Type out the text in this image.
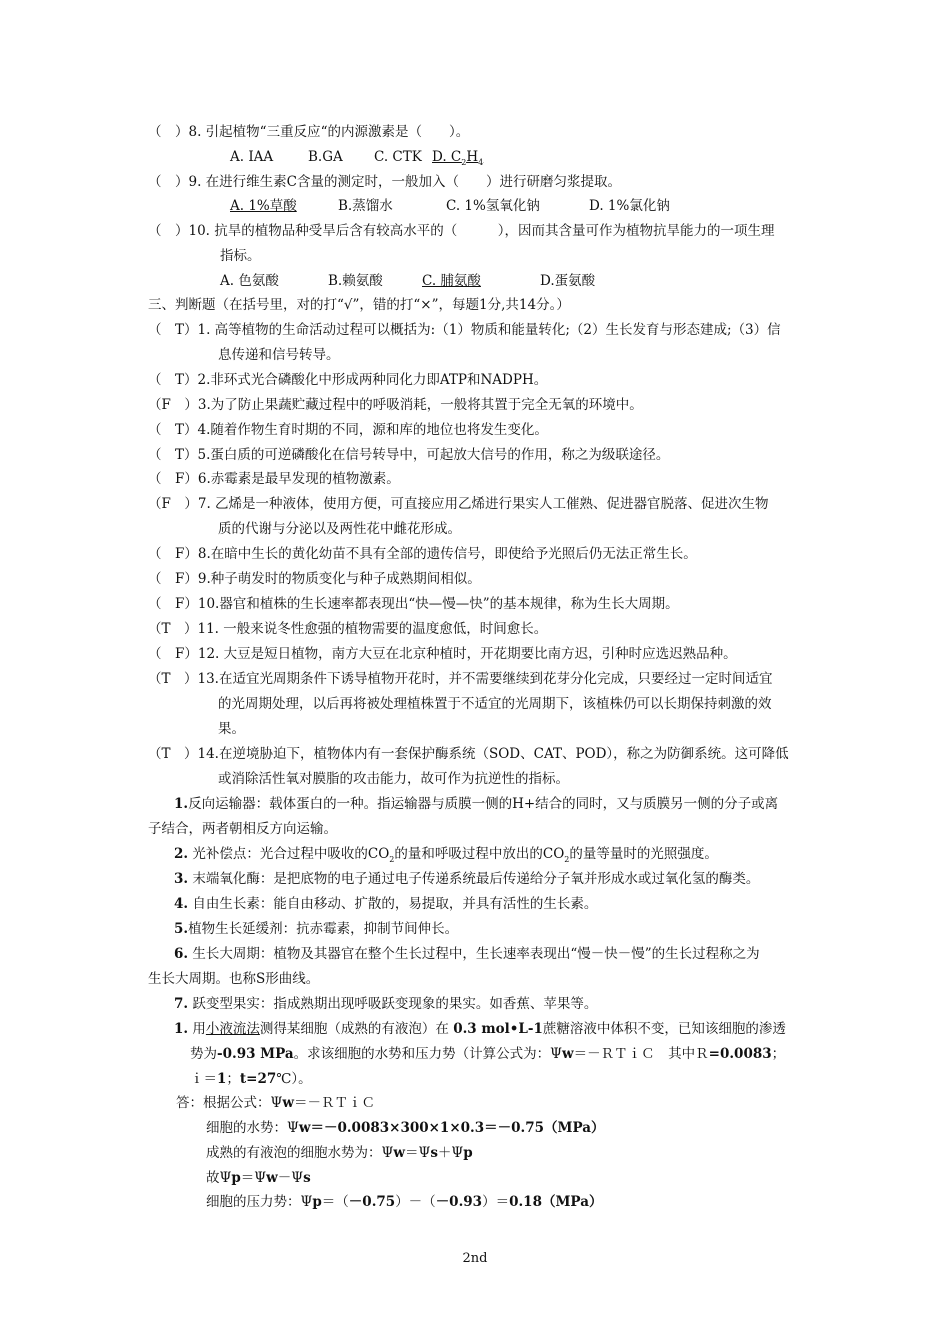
（　）8. 引起植物“三重反应“的内源激素是（　　）。
A. IAA	B.GA C. CTK D. $C_2H_4$
（　）9. 在进行维生素C含量的测定时，一般加入（　　）进行研磨匀浆提取。
A. 1%草酸	B.蒸馏水	C. 1%氢氧化钠	D. 1%氯化钠
（　）10. 抗旱的植物品种受旱后含有较高水平的（　　　），因而其含量可作为植物抗旱能力的一项生理
指标。
A. 色氨酸	B.赖氨酸	C. 脯氨酸	D.蛋氨酸
三、判断题（在括号里，对的打“√”，错的打“×”，每题1分,共14分。）
（　T）1. 高等植物的生命活动过程可以概括为:（1）物质和能量转化;（2）生长发育与形态建成;（3）信
息传递和信号转导。
（　T）2.非环式光合磷酸化中形成两种同化力即ATP和NADPH。
（F　）3.为了防止果蔬贮藏过程中的呼吸消耗，一般将其置于完全无氧的环境中。
（　T）4.随着作物生育时期的不同，源和库的地位也将发生变化。
（　T）5.蛋白质的可逆磷酸化在信号转导中，可起放大信号的作用，称之为级联途径。
（　F）6.赤霉素是最早发现的植物激素。
（F　）7. 乙烯是一种液体，使用方便，可直接应用乙烯进行果实人工催熟、促进器官脱落、促进次生物
质的代谢与分泌以及两性花中雌花形成。
（　F）8.在暗中生长的黄化幼苗不具有全部的遗传信号，即使给予光照后仍无法正常生长。
（　F）9.种子萌发时的物质变化与种子成熟期间相似。
（　F）10.器官和植株的生长速率都表现出“快—慢—快”的基本规律，称为生长大周期。
（T　）11. 一般来说冬性愈强的植物需要的温度愈低，时间愈长。
（　F）12. 大豆是短日植物，南方大豆在北京种植时，开花期要比南方迟，引种时应选迟熟品种。
（T　）13.在适宜光周期条件下诱导植物开花时，并不需要继续到花芽分化完成，只要经过一定时间适宜
的光周期处理，以后再将被处理植株置于不适宜的光周期下，该植株仍可以长期保持刺激的效
果。
（T　）14.在逆境胁迫下，植物体内有一套保护酶系统（SOD、CAT、POD），称之为防御系统。这可降低
或消除活性氧对膜脂的攻击能力，故可作为抗逆性的指标。
1.反向运输器：载体蛋白的一种。指运输器与质膜一侧的H+结合的同时，又与质膜另一侧的分子或离
子结合，两者朝相反方向运输。
2. 光补偿点：光合过程中吸收的$CO_2$的量和呼吸过程中放出的$CO_2$的量等量时的光照强度。
3. 末端氧化酶：是把底物的电子通过电子传递系统最后传递给分子氧并形成水或过氧化氢的酶类。
4. 自由生长素：能自由移动、扩散的，易提取，并具有活性的生长素。
5.植物生长延缓剂：抗赤霉素，抑制节间伸长。
6. 生长大周期：植物及其器官在整个生长过程中，生长速率表现出“慢－快－慢”的生长过程称之为
生长大周期。也称S形曲线。
7. 跃变型果实：指成熟期出现呼吸跃变现象的果实。如香蕉、苹果等。
1. 用小液流法测得某细胞（成熟的有液泡）在 0.3 mol•L-1蔗糖溶液中体积不变，已知该细胞的渗透
势为-0.93 MPa。求该细胞的水势和压力势（计算公式为：Ψw＝－ＲＴｉＣ　其中Ｒ=0.0083；
ｉ＝1；t=27℃）。
答：根据公式：Ψw＝－ＲＴｉＣ
细胞的水势：Ψw＝－0.0083×300×1×0.3＝－0.75（MPa）
成熟的有液泡的细胞水势为：Ψw＝Ψs＋Ψp
故Ψp＝Ψw－Ψs
细胞的压力势：Ψp＝（－0.75）－（－0.93）＝0.18（MPa）
2nd
